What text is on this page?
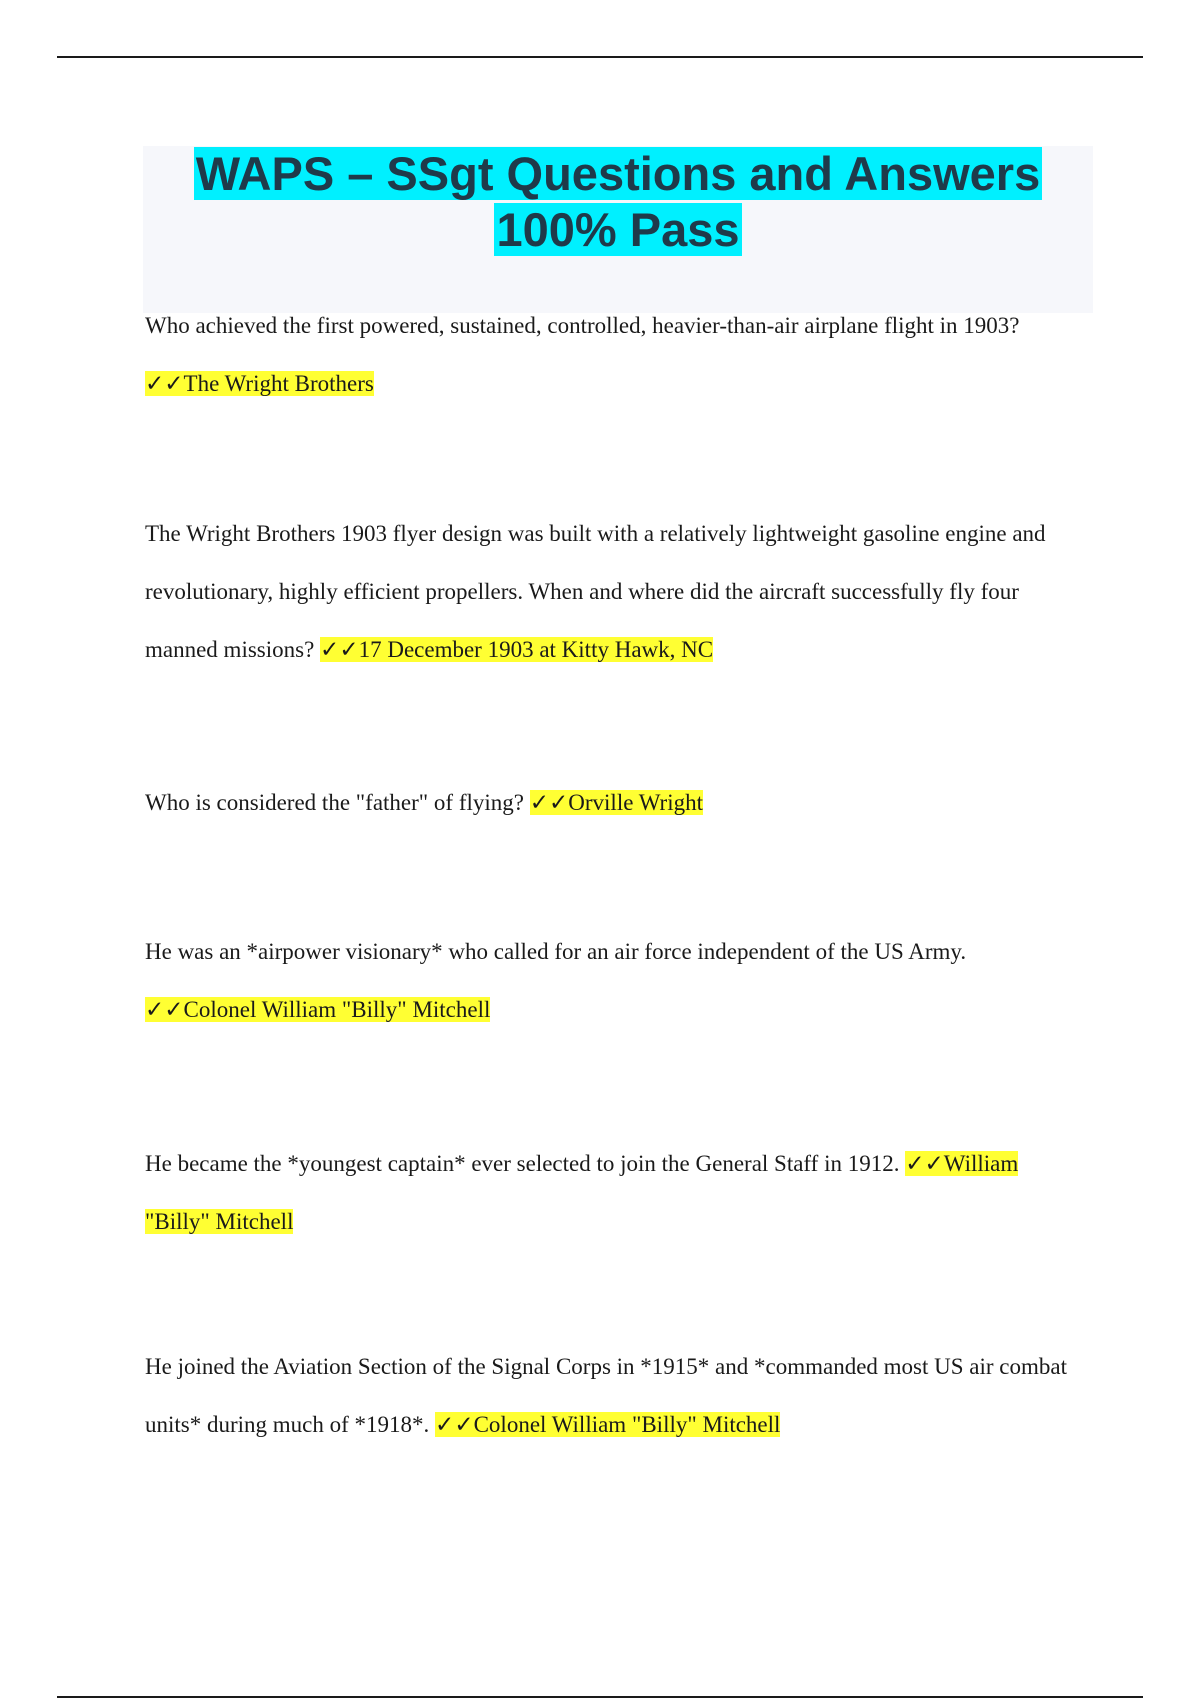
WAPS – SSgt Questions and Answers
100% Pass

Who achieved the first powered, sustained, controlled, heavier-than-air airplane flight in 1903?

✓✓The Wright Brothers

The Wright Brothers 1903 flyer design was built with a relatively lightweight gasoline engine and revolutionary, highly efficient propellers. When and where did the aircraft successfully fly four manned missions? ✓✓17 December 1903 at Kitty Hawk, NC

Who is considered the "father" of flying? ✓✓Orville Wright

He was an *airpower visionary* who called for an air force independent of the US Army.

✓✓Colonel William "Billy" Mitchell

He became the *youngest captain* ever selected to join the General Staff in 1912. ✓✓William "Billy" Mitchell

He joined the Aviation Section of the Signal Corps in *1915* and *commanded most US air combat units* during much of *1918*. ✓✓Colonel William "Billy" Mitchell
